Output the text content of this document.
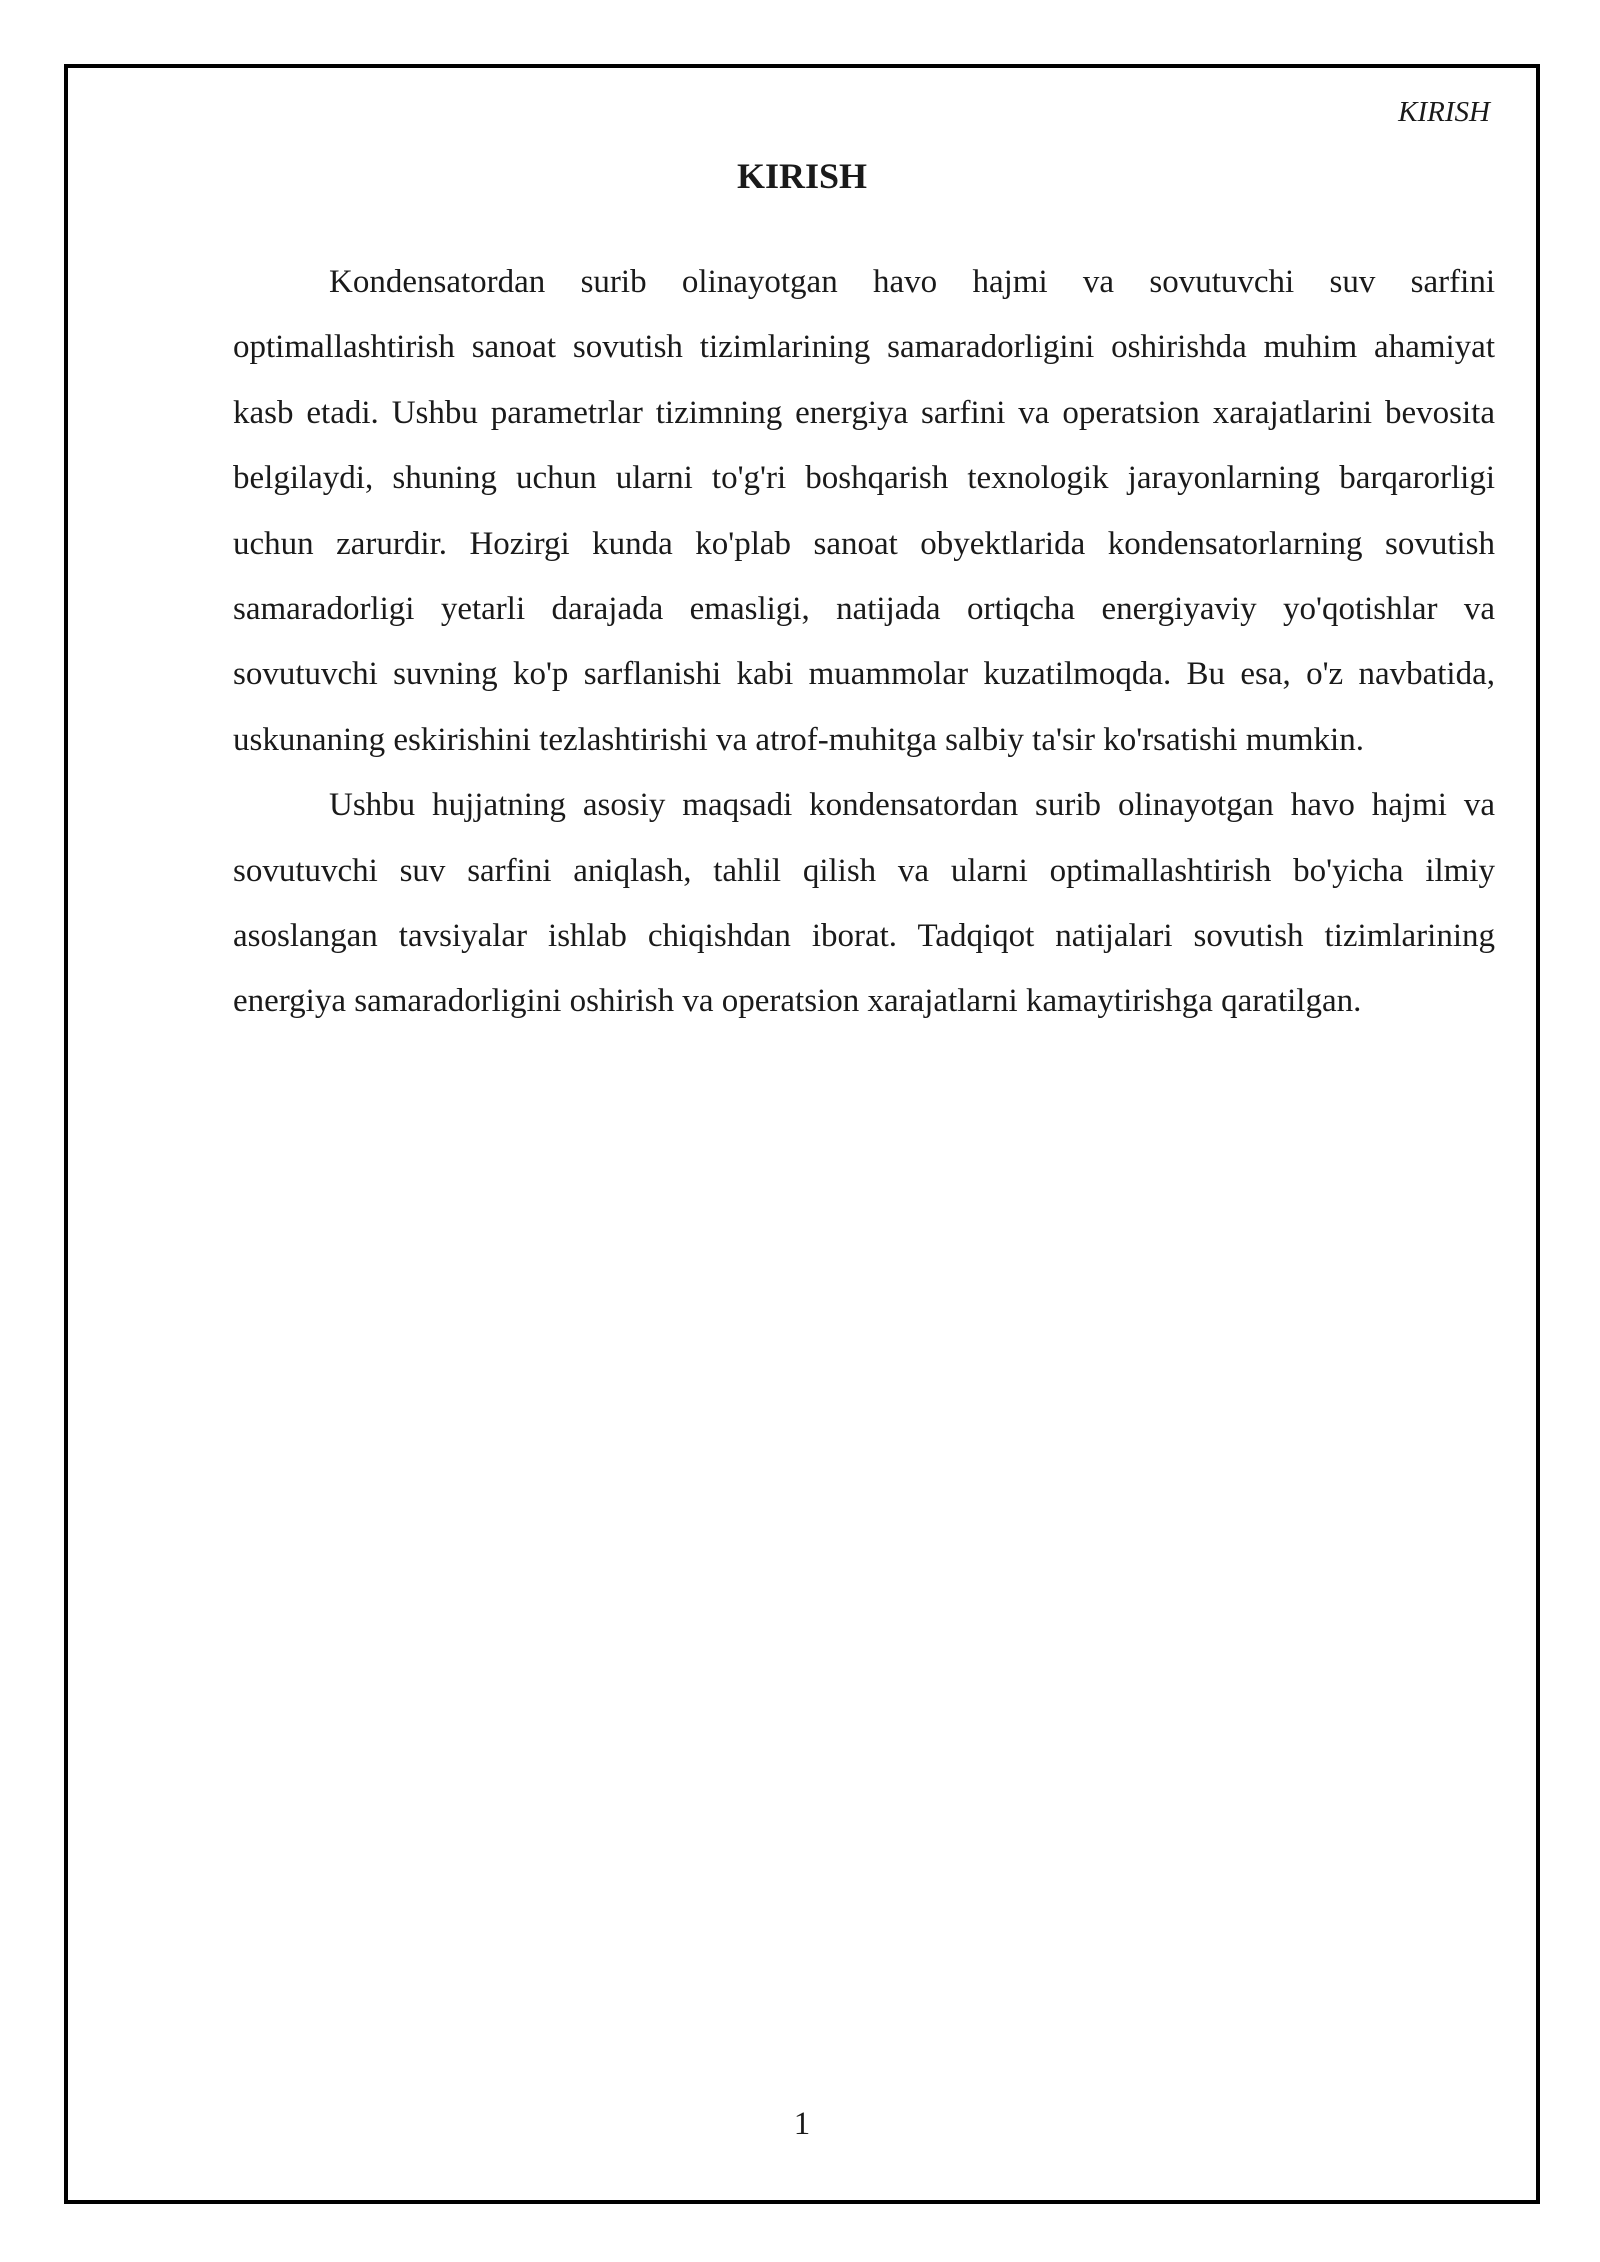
KIRISH
KIRISH

Kondensatordan surib olinayotgan havo hajmi va sovutuvchi suv sarfini optimallashtirish sanoat sovutish tizimlarining samaradorligini oshirishda muhim ahamiyat kasb etadi. Ushbu parametrlar tizimning energiya sarfini va operatsion xarajatlarini bevosita belgilaydi, shuning uchun ularni to'g'ri boshqarish texnologik jarayonlarning barqarorligi uchun zarurdir. Hozirgi kunda ko'plab sanoat obyektlarida kondensatorlarning sovutish samaradorligi yetarli darajada emasligi, natijada ortiqcha energiyaviy yo'qotishlar va sovutuvchi suvning ko'p sarflanishi kabi muammolar kuzatilmoqda. Bu esa, o'z navbatida, uskunaning eskirishini tezlashtirishi va atrof-muhitga salbiy ta'sir ko'rsatishi mumkin.

Ushbu hujjatning asosiy maqsadi kondensatordan surib olinayotgan havo hajmi va sovutuvchi suv sarfini aniqlash, tahlil qilish va ularni optimallashtirish bo'yicha ilmiy asoslangan tavsiyalar ishlab chiqishdan iborat. Tadqiqot natijalari sovutish tizimlarining energiya samaradorligini oshirish va operatsion xarajatlarni kamaytirishga qaratilgan.

1
